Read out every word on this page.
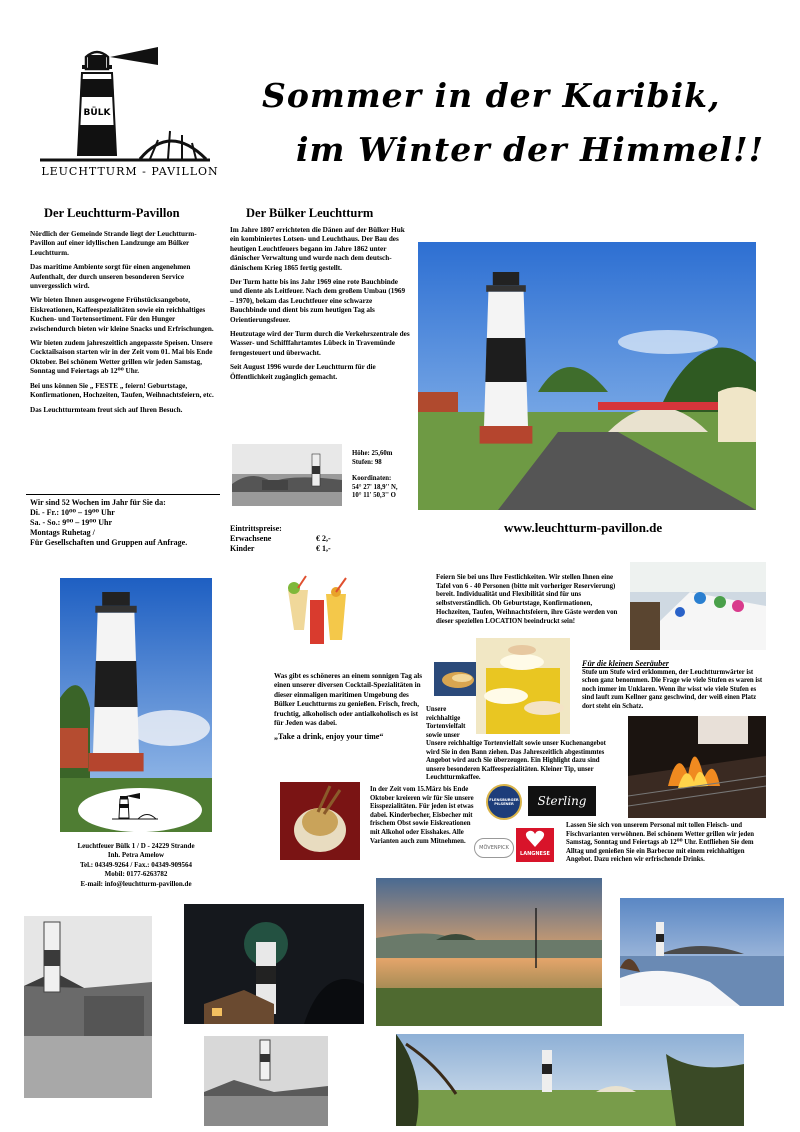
BÜLK
LEUCHTTURM - PAVILLON
Sommer in der Karibik,
im Winter der Himmel!!
Der Leuchtturm-Pavillon

Nördlich der Gemeinde Strande liegt der Leuchtturm-Pavillon auf einer idyllischen Landzunge am Bülker Leuchtturm.

Das maritime Ambiente sorgt für einen angenehmen Aufenthalt, der durch unseren besonderen Service unvergesslich wird.

Wir bieten Ihnen ausgewogene Frühstücksangebote, Eiskreationen, Kaffeespezialitäten sowie ein reichhaltiges Kuchen- und Tortensortiment. Für den Hunger zwischendurch bieten wir kleine Snacks und Erfrischungen.

Wir bieten zudem jahreszeitlich angepasste Speisen. Unsere Cocktailsaison starten wir in der Zeit vom 01. Mai bis Ende Oktober. Bei schönem Wetter grillen wir jeden Samstag, Sonntag und Feiertags ab 12⁰⁰ Uhr.

Bei uns können Sie „ FESTE „ feiern! Geburtstage, Konfirmationen, Hochzeiten, Taufen, Weihnachtsfeiern, etc.

Das Leuchtturmteam freut sich auf Ihren Besuch.

Wir sind 52 Wochen im Jahr für Sie da:
Di. - Fr.: 10⁰⁰ – 19⁰⁰ Uhr
Sa. - So.: 9⁰⁰ – 19⁰⁰ Uhr
Montags Ruhetag /
Für Gesellschaften und Gruppen auf Anfrage.
Der Bülker Leuchtturm

Im Jahre 1807 errichteten die Dänen auf der Bülker Huk ein kombiniertes Lotsen- und Leuchthaus. Der Bau des heutigen Leuchtfeuers begann im Jahre 1862 unter dänischer Verwaltung und wurde nach dem deutsch-dänischem Krieg 1865 fertig gestellt.

Der Turm hatte bis ins Jahr 1969 eine rote Bauchbinde und diente als Leitfeuer. Nach dem großem Umbau (1969 – 1970), bekam das Leuchtfeuer eine schwarze Bauchbinde und dient bis zum heutigen Tag als Orientierungsfeuer.

Heutzutage wird der Turm durch die Verkehrszentrale des Wasser- und Schifffahrtamtes Lübeck in Travemünde ferngesteuert und überwacht.

Seit August 1996 wurde der Leuchtturm für die Öffentlichkeit zugänglich gemacht.

Höhe: 25,60m
Stufen: 98
Koordinaten:
54° 27' 18,9'' N,
10° 11' 50,3'' O
Eintrittspreise:
Erwachsene	€ 2,-
Kinder	€ 1,-
www.leuchtturm-pavillon.de
Leuchtfeuer Bülk 1 / D - 24229 Strande
Inh. Petra Amelow
Tel.: 04349-9264 / Fax.: 04349-909564
Mobil: 0177-6263782
E-mail: info@leuchtturm-pavillon.de
Was gibt es schöneres an einem sonnigen Tag als einen unserer diversen Cocktail-Spezialitäten in dieser einmaligen maritimen Umgebung des Bülker Leuchtturms zu genießen. Frisch, frech, fruchtig, alkoholisch oder antialkoholisch es ist für Jeden was dabei.
„Take a drink, enjoy your time“
Feiern Sie bei uns Ihre Festlichkeiten. Wir stellen Ihnen eine Tafel von 6 - 40 Personen (bitte mit vorheriger Reservierung) bereit. Individualität und Flexibilität sind für uns selbstverständlich. Ob Geburtstage, Konfirmationen, Hochzeiten, Taufen, Weihnachtsfeiern, ihre Gäste werden von dieser speziellen LOCATION beeindruckt sein!
Unsere reichhaltige Tortenvielfalt sowie unser
Unsere reichhaltige Tortenvielfalt sowie unser Kuchenangebot wird Sie in den Bann ziehen. Das Jahreszeitlich abgestimmtes Angebot wird auch Sie überzeugen. Ein Highlight dazu sind unsere besonderen Kaffeespezialitäten. Kleiner Tip, unser Leuchtturmkaffee.
Für die kleinen Seeräuber
Stufe um Stufe wird erklommen, der Leuchtturmwärter ist schon ganz benommen. Die Frage wie viele Stufen es waren ist noch immer im Unklaren. Wenn ihr wisst wie viele Stufen es sind lauft zum Kellner ganz geschwind, der weiß einen Platz dort steht ein Schatz.
In der Zeit vom 15.März bis Ende Oktober kreieren wir für Sie unsere Eisspezialitäten. Für jeden ist etwas dabei. Kinderbecher, Eisbecher mit frischem Obst sowie Eiskreationen mit Alkohol oder Eisshakes. Alle Varianten auch zum Mitnehmen.
FLENSBURGER PILSENER	Sterling
MÖVENPICK
LANGNESE
Lassen Sie sich von unserem Personal mit tollen Fleisch- und Fischvarianten verwöhnen. Bei schönem Wetter grillen wir jeden Samstag, Sonntag und Feiertags ab 12⁰⁰ Uhr. Entfliehen Sie dem Alltag und genießen Sie ein Barbecue mit einem reichhaltigen Angebot. Dazu reichen wir erfrischende Drinks.
